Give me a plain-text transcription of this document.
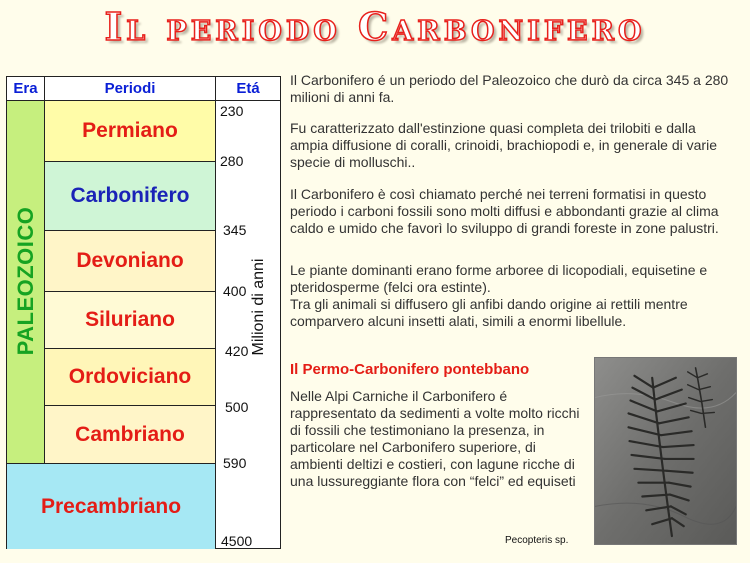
Il periodo Carbonifero
Era	Periodi	Etá
PALEOZOICO
Permiano
Carbonifero
Devoniano
Siluriano
Ordoviciano
Cambriano
Precambriano
230
280
345
400
420
500
590
4500
Milioni di anni
Il Carbonifero é un periodo del Paleozoico che durò da circa 345 a 280 milioni di anni fa.
Fu caratterizzato dall'estinzione quasi completa dei trilobiti e dalla ampia diffusione di coralli, crinoidi, brachiopodi e, in generale di varie specie di molluschi..
Il Carbonifero è così chiamato perché nei terreni formatisi in questo periodo i carboni fossili sono molti diffusi e abbondanti grazie al clima caldo e umido che favorì lo sviluppo di grandi foreste in zone palustri.
Le piante dominanti erano forme arboree di licopodiali, equisetine e pteridosperme (felci ora estinte).
Tra gli animali si diffusero gli anfibi dando origine ai rettili mentre comparvero alcuni insetti alati, simili a enormi libellule.
Il Permo-Carbonifero pontebbano
Nelle Alpi Carniche il Carbonifero é rappresentato da sedimenti a volte molto ricchi di fossili che testimoniano la presenza, in particolare nel Carbonifero superiore, di ambienti deltizi e costieri, con lagune ricche di una lussureggiante flora con “felci” ed equiseti
Pecopteris sp.
